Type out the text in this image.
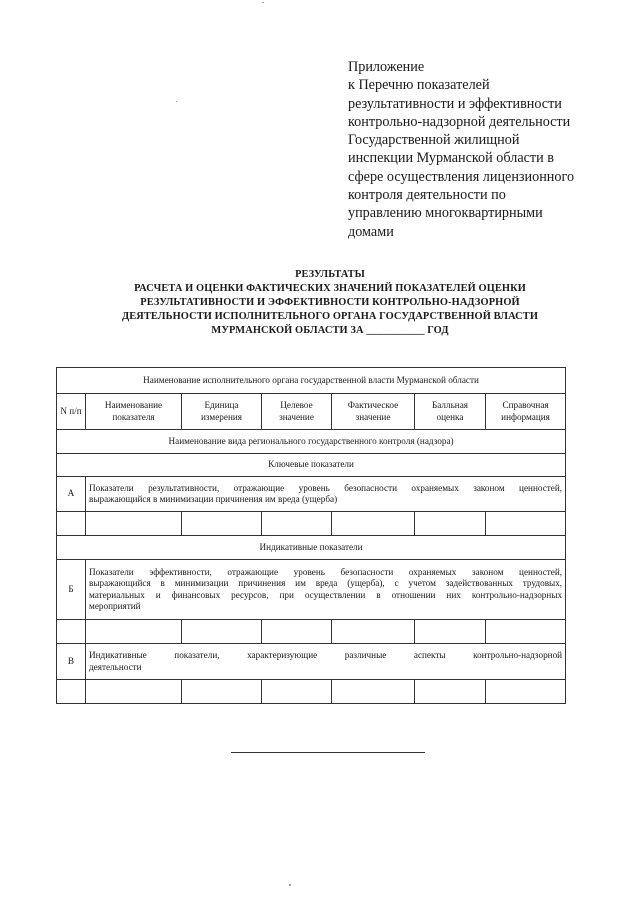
Приложение
к Перечню показателей
результативности и эффективности
контрольно-надзорной деятельности
Государственной жилищной
инспекции Мурманской области в
сфере осуществления лицензионного
контроля деятельности по
управлению многоквартирными
домами
РЕЗУЛЬТАТЫ
РАСЧЕТА И ОЦЕНКИ ФАКТИЧЕСКИХ ЗНАЧЕНИЙ ПОКАЗАТЕЛЕЙ ОЦЕНКИ
РЕЗУЛЬТАТИВНОСТИ И ЭФФЕКТИВНОСТИ КОНТРОЛЬНО-НАДЗОРНОЙ
ДЕЯТЕЛЬНОСТИ ИСПОЛНИТЕЛЬНОГО ОРГАНА ГОСУДАРСТВЕННОЙ ВЛАСТИ
МУРМАНСКОЙ ОБЛАСТИ ЗА ___________ ГОД
Наименование исполнительного органа государственной власти Мурманской области						
N п/п	Наименование показателя	Единица измерения	Целевое значение	Фактическое значение	Балльная оценка	Справочная информация
Наименование вида регионального государственного контроля (надзора)						
Ключевые показатели						
А	Показатели результативности, отражающие уровень безопасности охраняемых законом ценностей,
выражающийся в минимизации причинения им вреда (ущерба)					

Индикативные показатели						
Б	Показатели эффективности, отражающие уровень безопасности охраняемых законом ценностей,
выражающийся в минимизации причинения им вреда (ущерба), с учетом задействованных трудовых,
материальных и финансовых ресурсов, при осуществлении в отношении них контрольно-надзорных
мероприятий					

В	Индикативные показатели, характеризующие различные аспекты контрольно-надзорной
деятельности					
